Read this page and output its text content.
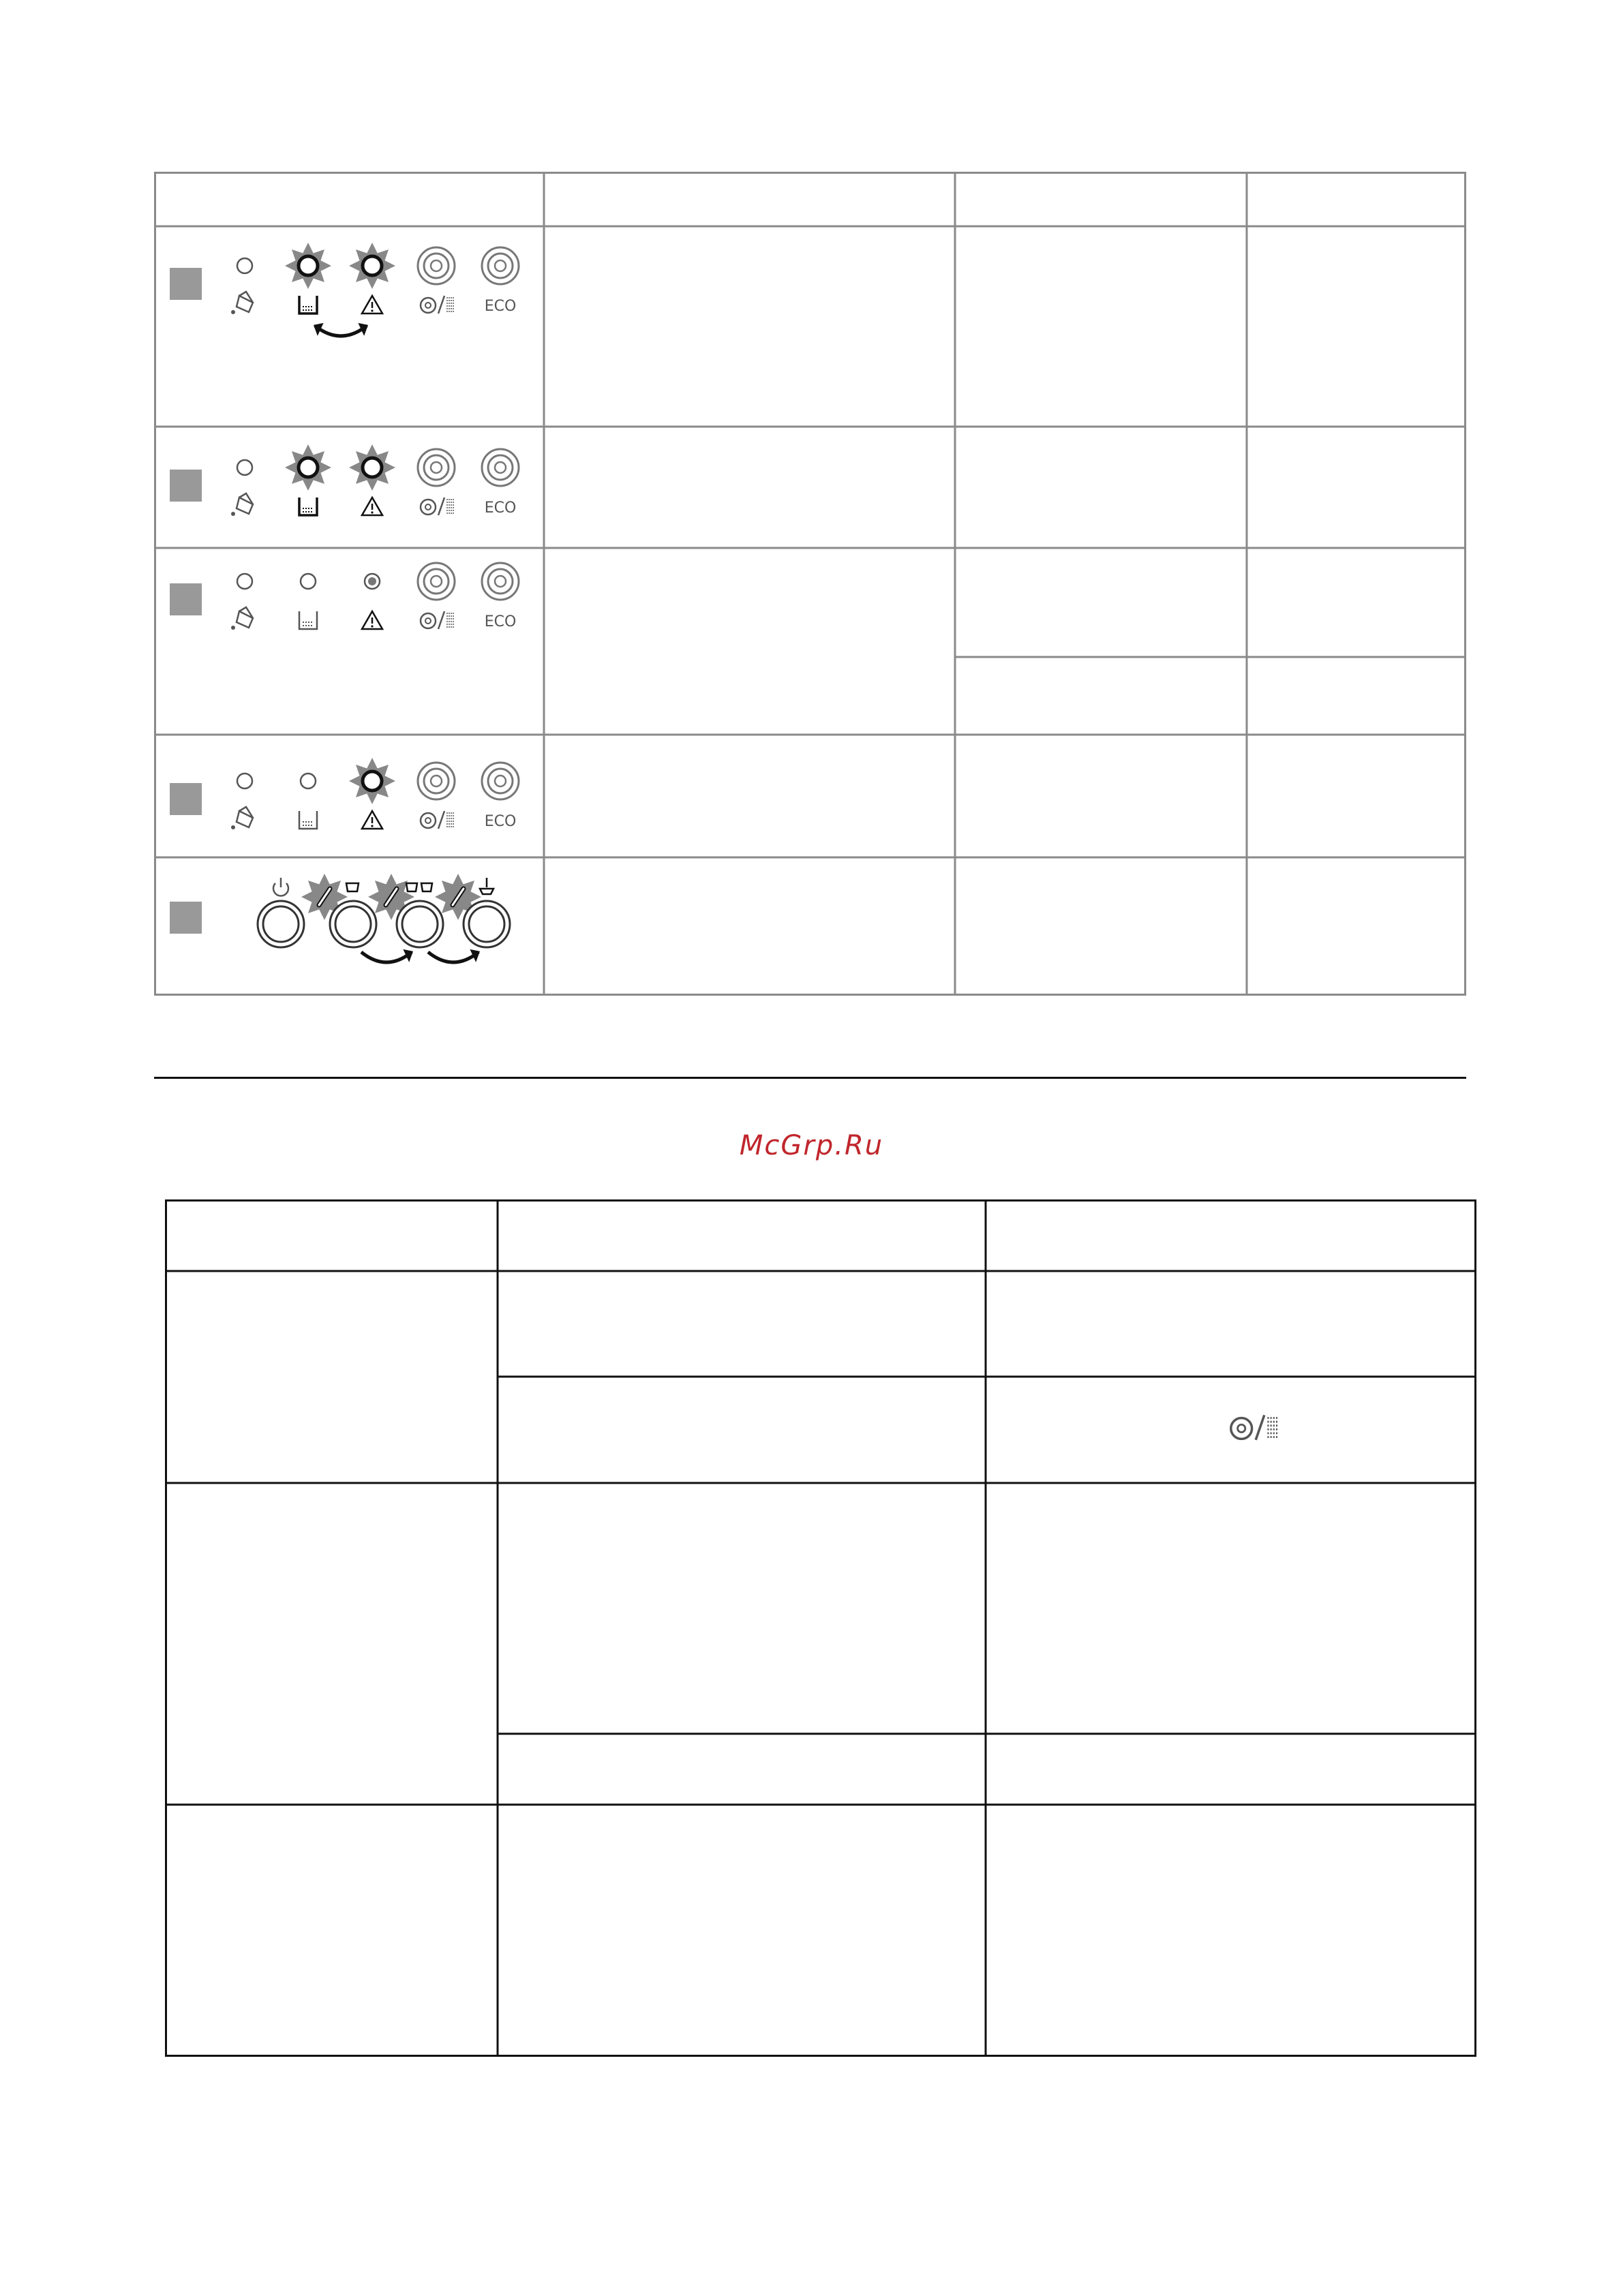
ECO
ECO
ECO
ECO
McGrp.Ru
